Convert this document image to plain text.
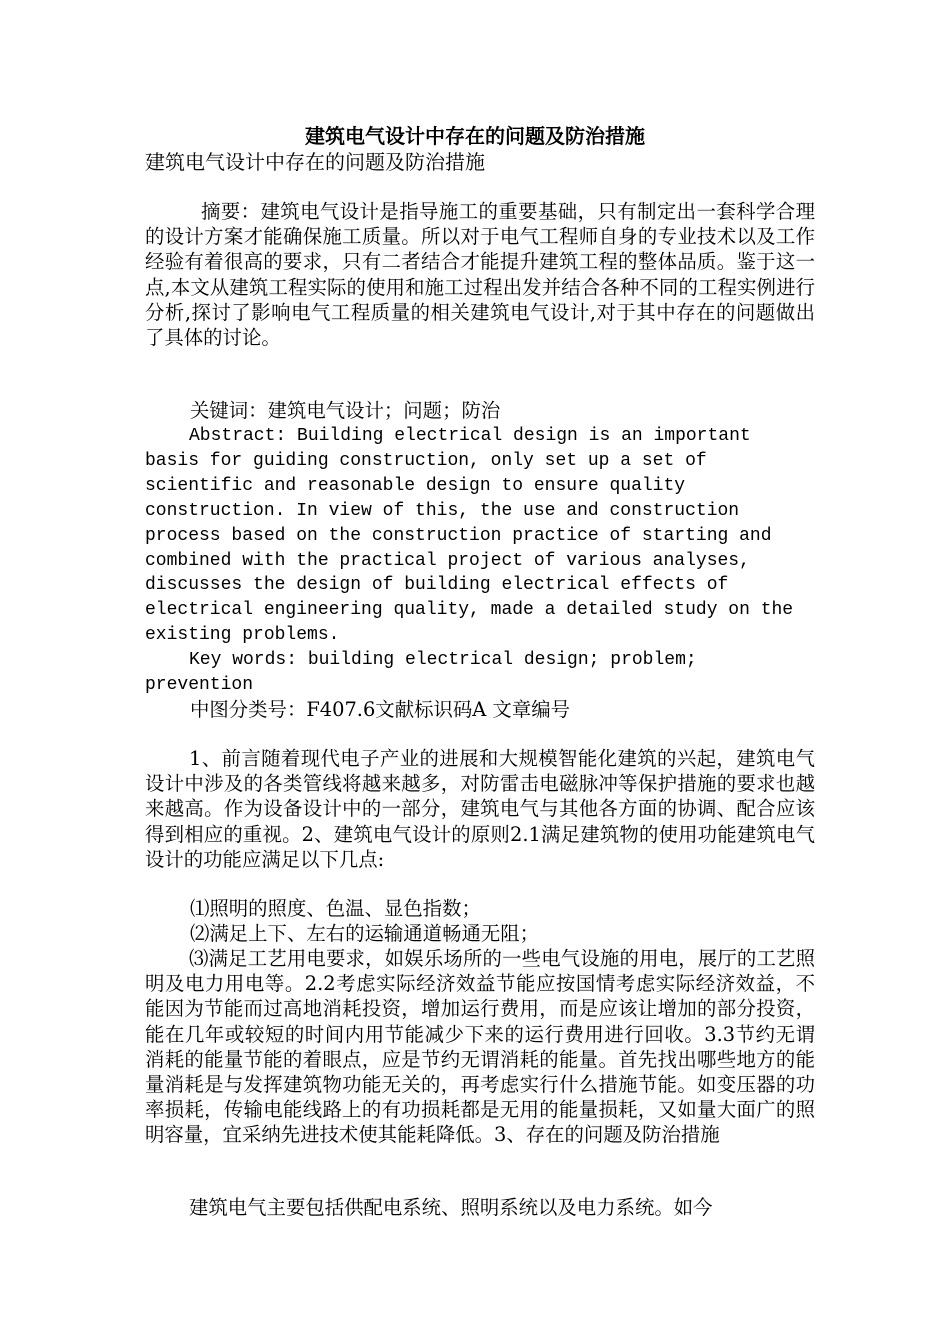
建筑电气设计中存在的问题及防治措施
建筑电气设计中存在的问题及防治措施
摘要：建筑电气设计是指导施工的重要基础，只有制定出一套科学合理的设计方案才能确保施工质量。所以对于电气工程师自身的专业技术以及工作经验有着很高的要求，只有二者结合才能提升建筑工程的整体品质。鉴于这一点,本文从建筑工程实际的使用和施工过程出发并结合各种不同的工程实例进行分析,探讨了影响电气工程质量的相关建筑电气设计,对于其中存在的问题做出了具体的讨论。
关键词：建筑电气设计；问题；防治
Abstract: Building electrical design is an important basis for guiding construction, only set up a set of scientific and reasonable design to ensure quality construction. In view of this, the use and construction process based on the construction practice of starting and combined with the practical project of various analyses, discusses the design of building electrical effects of electrical engineering quality, made a detailed study on the existing problems.
Key words: building electrical design; problem; prevention
中图分类号：F407.6文献标识码A 文章编号
1、前言随着现代电子产业的进展和大规模智能化建筑的兴起，建筑电气设计中涉及的各类管线将越来越多，对防雷击电磁脉冲等保护措施的要求也越来越高。作为设备设计中的一部分，建筑电气与其他各方面的协调、配合应该得到相应的重视。2、建筑电气设计的原则2.1满足建筑物的使用功能建筑电气设计的功能应满足以下几点:
⑴照明的照度、色温、显色指数；
⑵满足上下、左右的运输通道畅通无阻；
⑶满足工艺用电要求，如娱乐场所的一些电气设施的用电，展厅的工艺照明及电力用电等。2.2考虑实际经济效益节能应按国情考虑实际经济效益，不能因为节能而过高地消耗投资，增加运行费用，而是应该让增加的部分投资，能在几年或较短的时间内用节能减少下来的运行费用进行回收。3.3节约无谓消耗的能量节能的着眼点，应是节约无谓消耗的能量。首先找出哪些地方的能量消耗是与发挥建筑物功能无关的，再考虑实行什么措施节能。如变压器的功率损耗，传输电能线路上的有功损耗都是无用的能量损耗，又如量大面广的照明容量，宜采纳先进技术使其能耗降低。3、存在的问题及防治措施
建筑电气主要包括供配电系统、照明系统以及电力系统。如今
